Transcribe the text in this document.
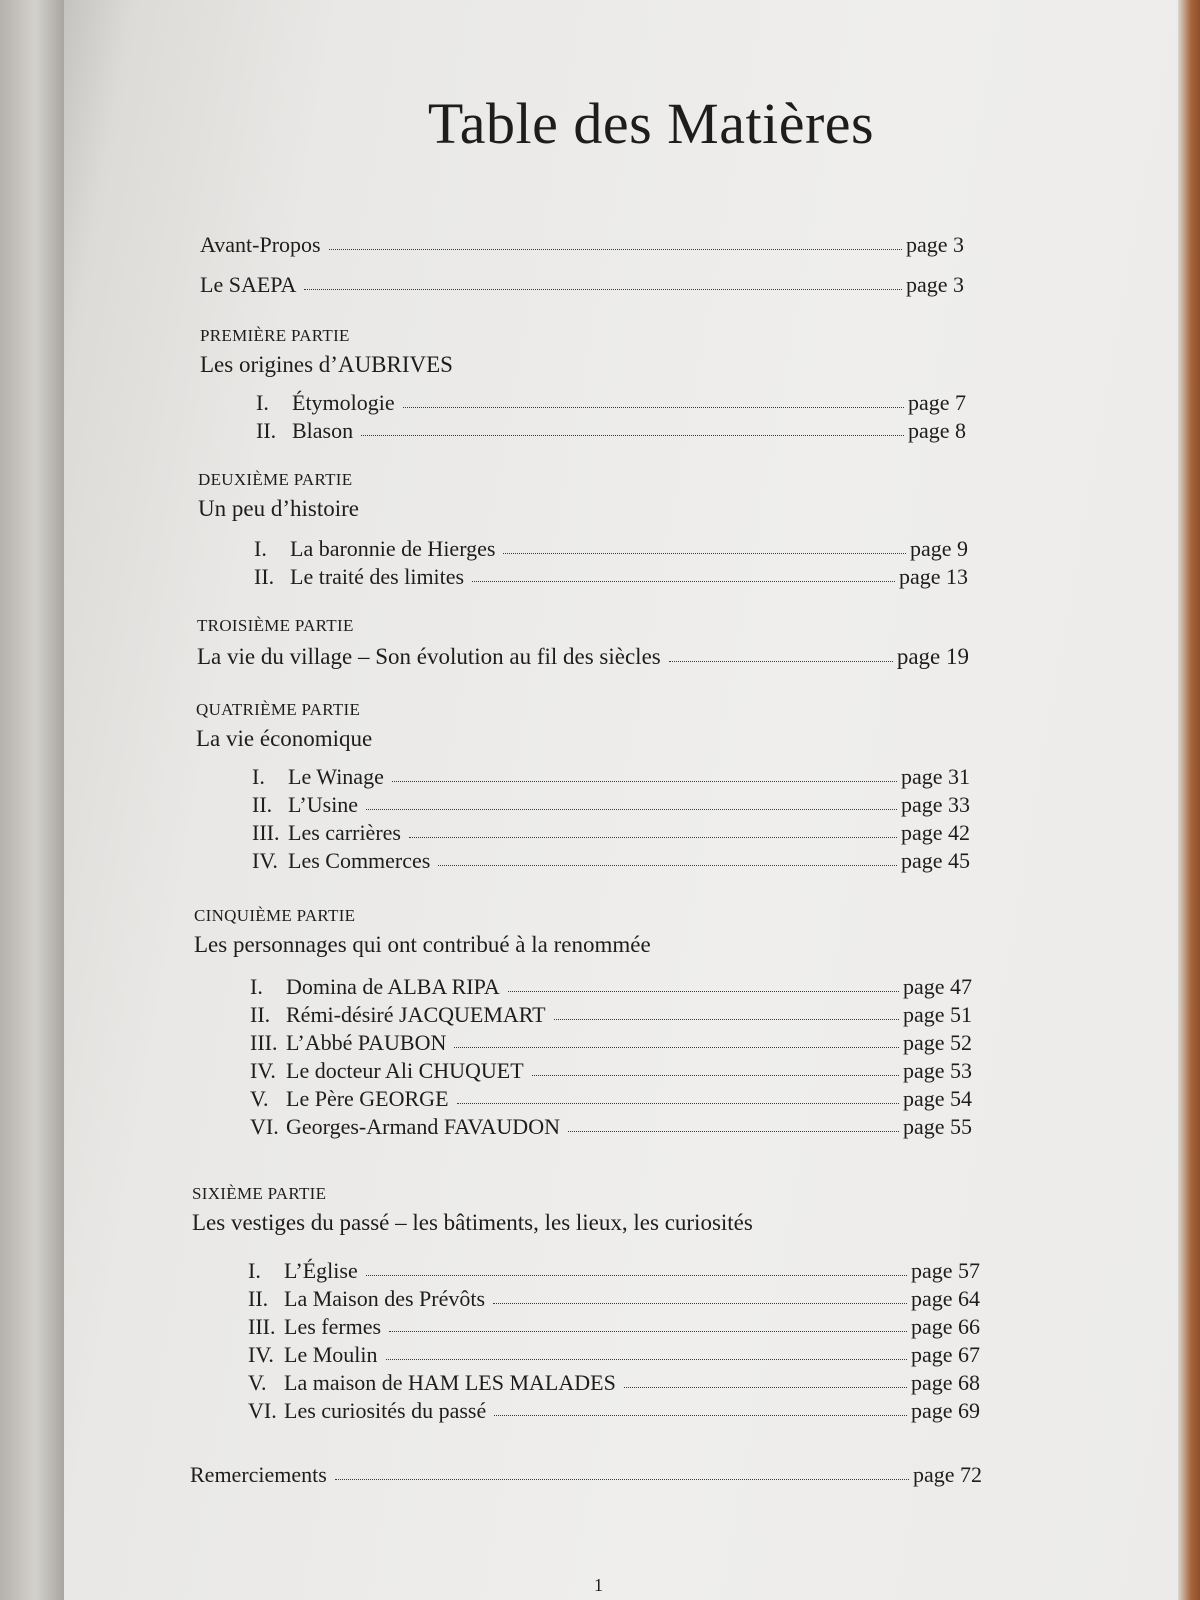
Table des Matières
Avant-Propos	page 3
Le SAEPA	page 3
PREMIÈRE PARTIE
Les origines d’AUBRIVES
I. Étymologie	page 7
II. Blason	page 8
DEUXIÈME PARTIE
Un peu d’histoire
I. La baronnie de Hierges	page 9
II. Le traité des limites	page 13
TROISIÈME PARTIE
La vie du village – Son évolution au fil des siècles	page 19
QUATRIÈME PARTIE
La vie économique
I. Le Winage	page 31
II. L’Usine	page 33
III. Les carrières	page 42
IV. Les Commerces	page 45
CINQUIÈME PARTIE
Les personnages qui ont contribué à la renommée
I. Domina de ALBA RIPA	page 47
II. Rémi-désiré JACQUEMART	page 51
III. L’Abbé PAUBON	page 52
IV. Le docteur Ali CHUQUET	page 53
V. Le Père GEORGE	page 54
VI. Georges-Armand FAVAUDON	page 55
SIXIÈME PARTIE
Les vestiges du passé – les bâtiments, les lieux, les curiosités
I. L’Église	page 57
II. La Maison des Prévôts	page 64
III. Les fermes	page 66
IV. Le Moulin	page 67
V. La maison de HAM LES MALADES	page 68
VI. Les curiosités du passé	page 69
Remerciements	page 72
1
